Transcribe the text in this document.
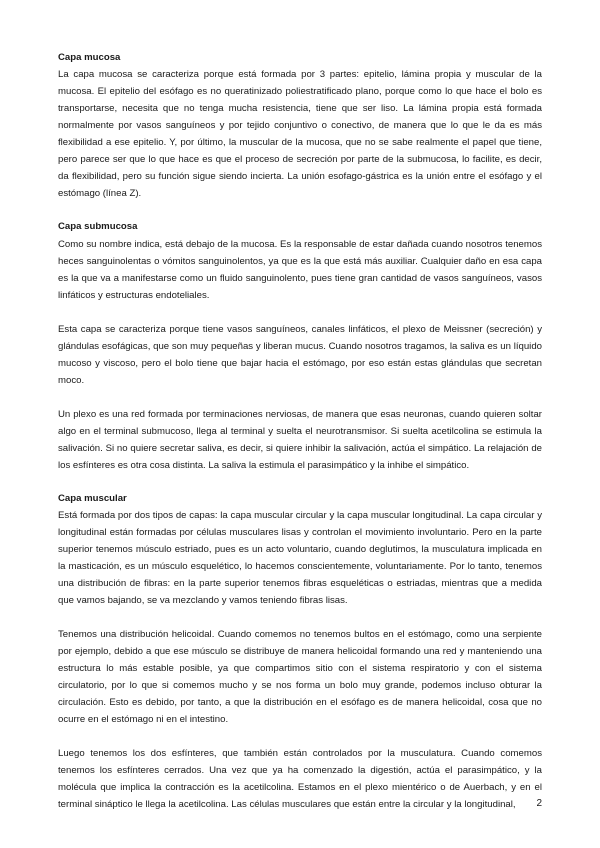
Capa mucosa

La capa mucosa se caracteriza porque está formada por 3 partes: epitelio, lámina propia y muscular de la mucosa. El epitelio del esófago es no queratinizado poliestratificado plano, porque como lo que hace el bolo es transportarse, necesita que no tenga mucha resistencia, tiene que ser liso. La lámina propia está formada normalmente por vasos sanguíneos y por tejido conjuntivo o conectivo, de manera que lo que le da es más flexibilidad a ese epitelio. Y, por último, la muscular de la mucosa, que no se sabe realmente el papel que tiene, pero parece ser que lo que hace es que el proceso de secreción por parte de la submucosa, lo facilite, es decir, da flexibilidad, pero su función sigue siendo incierta. La unión esofago-gástrica es la unión entre el esófago y el estómago (línea Z).

Capa submucosa

Como su nombre indica, está debajo de la mucosa. Es la responsable de estar dañada cuando nosotros tenemos heces sanguinolentas o vómitos sanguinolentos, ya que es la que está más auxiliar. Cualquier daño en esa capa es la que va a manifestarse como un fluido sanguinolento, pues tiene gran cantidad de vasos sanguíneos, vasos linfáticos y estructuras endoteliales.

Esta capa se caracteriza porque tiene vasos sanguíneos, canales linfáticos, el plexo de Meissner (secreción) y glándulas esofágicas, que son muy pequeñas y liberan mucus. Cuando nosotros tragamos, la saliva es un líquido mucoso y viscoso, pero el bolo tiene que bajar hacia el estómago, por eso están estas glándulas que secretan moco.

Un plexo es una red formada por terminaciones nerviosas, de manera que esas neuronas, cuando quieren soltar algo en el terminal submucoso, llega al terminal y suelta el neurotransmisor. Si suelta acetilcolina se estimula la salivación. Si no quiere secretar saliva, es decir, si quiere inhibir la salivación, actúa el simpático. La relajación de los esfínteres es otra cosa distinta. La saliva la estimula el parasimpático y la inhibe el simpático.

Capa muscular

Está formada por dos tipos de capas: la capa muscular circular y la capa muscular longitudinal. La capa circular y longitudinal están formadas por células musculares lisas y controlan el movimiento involuntario. Pero en la parte superior tenemos músculo estriado, pues es un acto voluntario, cuando deglutimos, la musculatura implicada en la masticación, es un músculo esquelético, lo hacemos conscientemente, voluntariamente. Por lo tanto, tenemos una distribución de fibras: en la parte superior tenemos fibras esqueléticas o estriadas, mientras que a medida que vamos bajando, se va mezclando y vamos teniendo fibras lisas.

Tenemos una distribución helicoidal. Cuando comemos no tenemos bultos en el estómago, como una serpiente por ejemplo, debido a que ese músculo se distribuye de manera helicoidal formando una red y manteniendo una estructura lo más estable posible, ya que compartimos sitio con el sistema respiratorio y con el sistema circulatorio, por lo que si comemos mucho y se nos forma un bolo muy grande, podemos incluso obturar la circulación. Esto es debido, por tanto, a que la distribución en el esófago es de manera helicoidal, cosa que no ocurre en el estómago ni en el intestino.

Luego tenemos los dos esfínteres, que también están controlados por la musculatura. Cuando comemos tenemos los esfínteres cerrados. Una vez que ya ha comenzado la digestión, actúa el parasimpático, y la molécula que implica la contracción es la acetilcolina. Estamos en el plexo mientérico o de Auerbach, y en el terminal sináptico le llega la acetilcolina. Las células musculares que están entre la circular y la longitudinal,	2
